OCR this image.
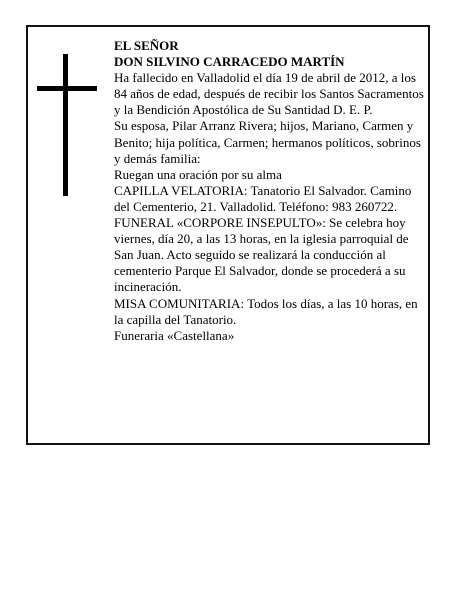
EL SEÑOR

DON SILVINO CARRACEDO MARTÍN

Ha fallecido en Valladolid el día 19 de abril de 2012, a los 84 años de edad, después de recibir los Santos Sacramentos y la Bendición Apostólica de Su Santidad D. E. P.

Su esposa, Pilar Arranz Rivera; hijos, Mariano, Carmen y Benito; hija política, Carmen; hermanos políticos, sobrinos y demás familia:

Ruegan una oración por su alma

CAPILLA VELATORIA: Tanatorio El Salvador. Camino del Cementerio, 21. Valladolid. Teléfono: 983 260722.

FUNERAL «CORPORE INSEPULTO»: Se celebra hoy viernes, día 20, a las 13 horas, en la iglesia parroquial de San Juan. Acto seguido se realizará la conducción al cementerio Parque El Salvador, donde se procederá a su incineración.

MISA COMUNITARIA: Todos los días, a las 10 horas, en la capilla del Tanatorio.

Funeraria «Castellana»
